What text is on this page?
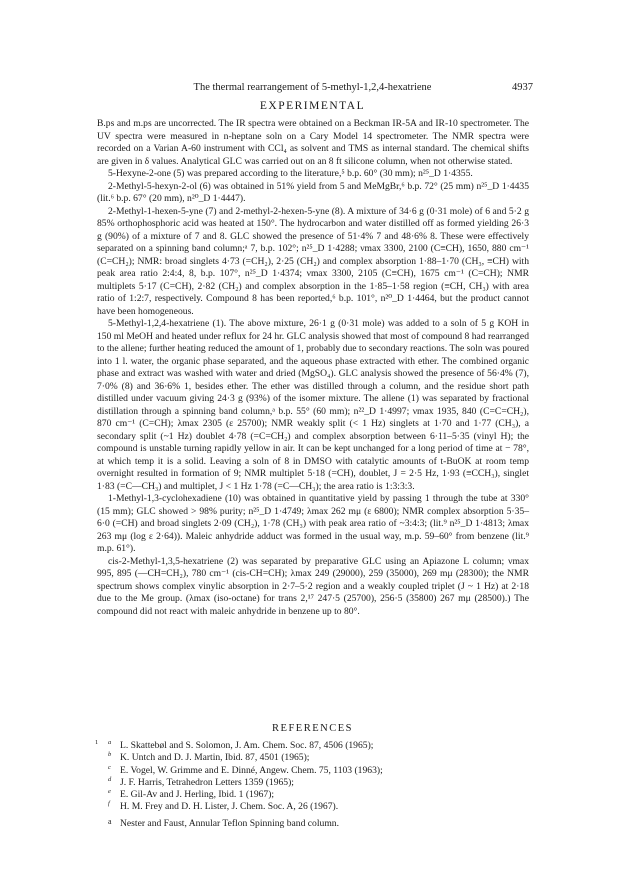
The thermal rearrangement of 5-methyl-1,2,4-hexatriene	4937
EXPERIMENTAL

B.ps and m.ps are uncorrected. The IR spectra were obtained on a Beckman IR-5A and IR-10 spectrometer. The UV spectra were measured in n-heptane soln on a Cary Model 14 spectrometer. The NMR spectra were recorded on a Varian A-60 instrument with CCl₄ as solvent and TMS as internal standard. The chemical shifts are given in δ values. Analytical GLC was carried out on an 8 ft silicone column, when not otherwise stated.

5-Hexyne-2-one (5) was prepared according to the literature,⁵ b.p. 60° (30 mm); n²⁵_D 1·4355.

2-Methyl-5-hexyn-2-ol (6) was obtained in 51% yield from 5 and MeMgBr,⁶ b.p. 72° (25 mm) n²⁵_D 1·4435 (lit.⁶ b.p. 67° (20 mm), n²⁰_D 1·4447).

2-Methyl-1-hexen-5-yne (7) and 2-methyl-2-hexen-5-yne (8). A mixture of 34·6 g (0·31 mole) of 6 and 5·2 g 85% orthophosphoric acid was heated at 150°. The hydrocarbon and water distilled off as formed yielding 26·3 g (90%) of a mixture of 7 and 8. GLC showed the presence of 51·4% 7 and 48·6% 8. These were effectively separated on a spinning band column;ᵃ 7, b.p. 102°; n²⁵_D 1·4288; νmax 3300, 2100 (C≡CH), 1650, 880 cm⁻¹ (C=CH₂); NMR: broad singlets 4·73 (=CH₂), 2·25 (CH₂) and complex absorption 1·88–1·70 (CH₃, ≡CH) with peak area ratio 2:4:4, 8, b.p. 107°, n²⁵_D 1·4374; νmax 3300, 2105 (C≡CH), 1675 cm⁻¹ (C=CH); NMR multiplets 5·17 (C=CH), 2·82 (CH₂) and complex absorption in the 1·85–1·58 region (≡CH, CH₃) with area ratio of 1:2:7, respectively. Compound 8 has been reported,⁶ b.p. 101°, n²⁰_D 1·4464, but the product cannot have been homogeneous.

5-Methyl-1,2,4-hexatriene (1). The above mixture, 26·1 g (0·31 mole) was added to a soln of 5 g KOH in 150 ml MeOH and heated under reflux for 24 hr. GLC analysis showed that most of compound 8 had rearranged to the allene; further heating reduced the amount of 1, probably due to secondary reactions. The soln was poured into 1 l. water, the organic phase separated, and the aqueous phase extracted with ether. The combined organic phase and extract was washed with water and dried (MgSO₄). GLC analysis showed the presence of 56·4% (7), 7·0% (8) and 36·6% 1, besides ether. The ether was distilled through a column, and the residue short path distilled under vacuum giving 24·3 g (93%) of the isomer mixture. The allene (1) was separated by fractional distillation through a spinning band column,ᵃ b.p. 55° (60 mm); n²²_D 1·4997; νmax 1935, 840 (C=C=CH₂), 870 cm⁻¹ (C=CH); λmax 2305 (ε 25700); NMR weakly split (< 1 Hz) singlets at 1·70 and 1·77 (CH₃), a secondary split (~1 Hz) doublet 4·78 (=C=CH₂) and complex absorption between 6·11–5·35 (vinyl H); the compound is unstable turning rapidly yellow in air. It can be kept unchanged for a long period of time at − 78°, at which temp it is a solid. Leaving a soln of 8 in DMSO with catalytic amounts of t-BuOK at room temp overnight resulted in formation of 9; NMR multiplet 5·18 (=CH), doublet, J = 2·5 Hz, 1·93 (≡CCH₃), singlet 1·83 (=C—CH₃) and multiplet, J < 1 Hz 1·78 (=C—CH₃); the area ratio is 1:3:3:3.

1-Methyl-1,3-cyclohexadiene (10) was obtained in quantitative yield by passing 1 through the tube at 330° (15 mm); GLC showed > 98% purity; n²⁵_D 1·4749; λmax 262 mμ (ε 6800); NMR complex absorption 5·35–6·0 (=CH) and broad singlets 2·09 (CH₂), 1·78 (CH₃) with peak area ratio of ~3:4:3; (lit.⁹ n²⁵_D 1·4813; λmax 263 mμ (log ε 2·64)). Maleic anhydride adduct was formed in the usual way, m.p. 59–60° from benzene (lit.⁹ m.p. 61°).

cis-2-Methyl-1,3,5-hexatriene (2) was separated by preparative GLC using an Apiazone L column; νmax 995, 895 (—CH=CH₂), 780 cm⁻¹ (cis-CH=CH); λmax 249 (29000), 259 (35000), 269 mμ (28300); the NMR spectrum shows complex vinylic absorption in 2·7–5·2 region and a weakly coupled triplet (J ~ 1 Hz) at 2·18 due to the Me group. (λmax (iso-octane) for trans 2,¹⁷ 247·5 (25700), 256·5 (35800) 267 mμ (28500).) The compound did not react with maleic anhydride in benzene up to 80°.

REFERENCES
1 a L. Skattebøl and S. Solomon, J. Am. Chem. Soc. 87, 4506 (1965);
b K. Untch and D. J. Martin, Ibid. 87, 4501 (1965);
c E. Vogel, W. Grimme and E. Dinné, Angew. Chem. 75, 1103 (1963);
d J. F. Harris, Tetrahedron Letters 1359 (1965);
e E. Gil-Av and J. Herling, Ibid. 1 (1967);
f H. M. Frey and D. H. Lister, J. Chem. Soc. A, 26 (1967).
a Nester and Faust, Annular Teflon Spinning band column.
